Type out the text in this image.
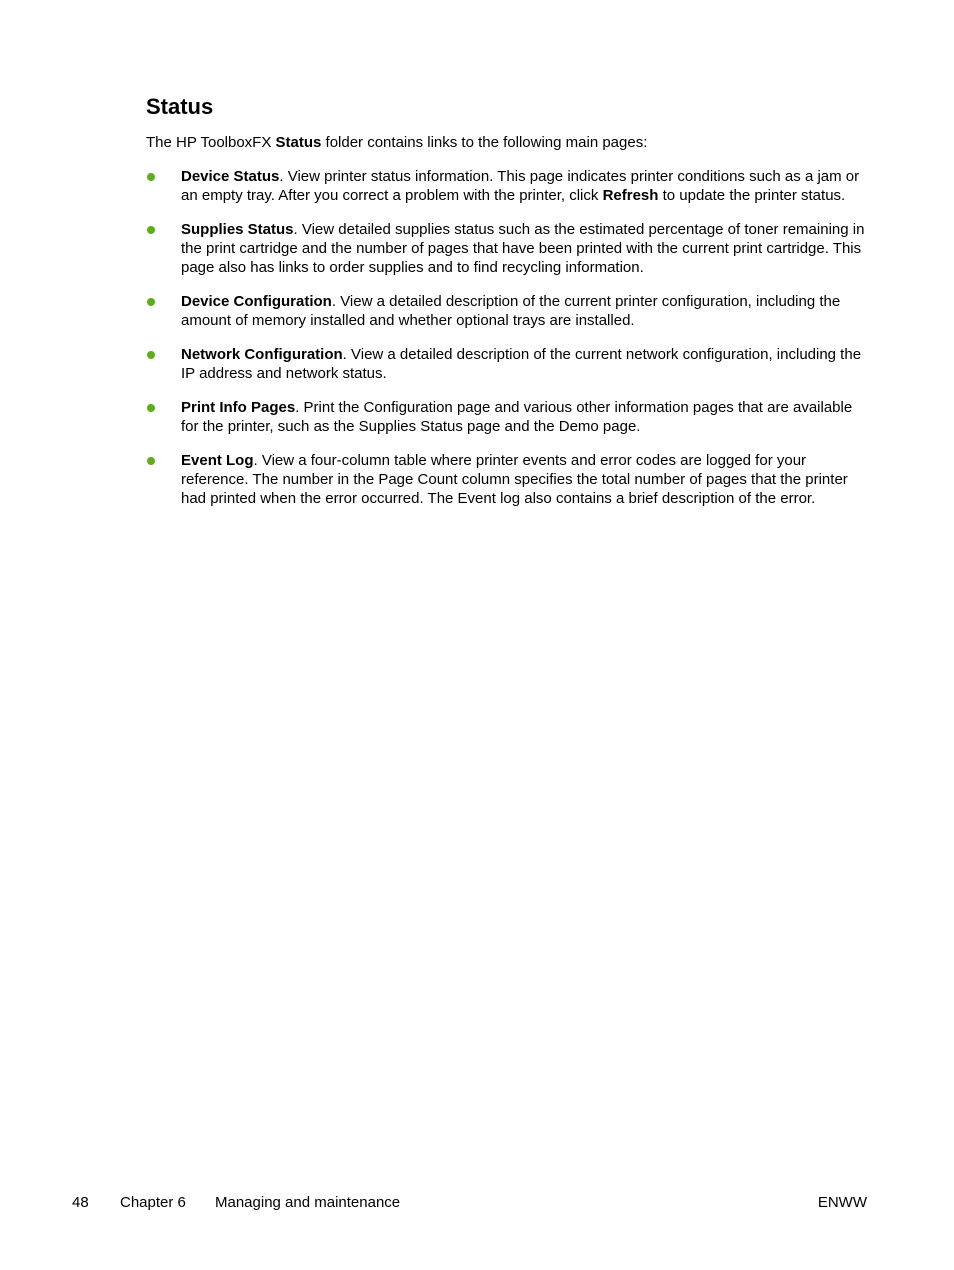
Status

The HP ToolboxFX Status folder contains links to the following main pages:

Device Status. View printer status information. This page indicates printer conditions such as a jam or an empty tray. After you correct a problem with the printer, click Refresh to update the printer status.
Supplies Status. View detailed supplies status such as the estimated percentage of toner remaining in the print cartridge and the number of pages that have been printed with the current print cartridge. This page also has links to order supplies and to find recycling information.
Device Configuration. View a detailed description of the current printer configuration, including the amount of memory installed and whether optional trays are installed.
Network Configuration. View a detailed description of the current network configuration, including the IP address and network status.
Print Info Pages. Print the Configuration page and various other information pages that are available for the printer, such as the Supplies Status page and the Demo page.
Event Log. View a four-column table where printer events and error codes are logged for your reference. The number in the Page Count column specifies the total number of pages that the printer had printed when the error occurred. The Event log also contains a brief description of the error.
48 Chapter 6 Managing and maintenance	ENWW
